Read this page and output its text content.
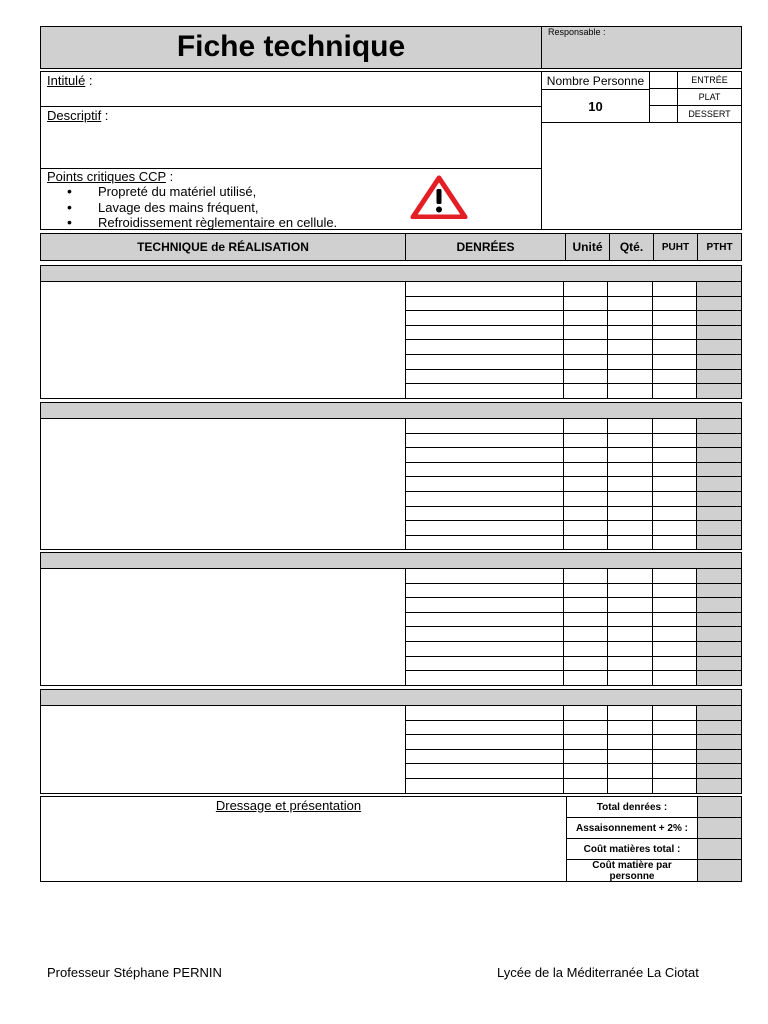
Fiche technique	Responsable :
Intitulé :
Descriptif :
Points critiques CCP :
• Propreté du matériel utilisé,
• Lavage des mains fréquent,
• Refroidissement règlementaire en cellule.
Nombre Personne
10
ENTRÉE
PLAT
DESSERT
TECHNIQUE de RÉALISATION	DENRÉES	Unité Qté. PUHT PTHT

Dressage et présentation	Total denrées :
Assaisonnement + 2% :
Coût matières total :
Coût matière par personne
Professeur Stéphane PERNIN	Lycée de la Méditerranée La Ciotat
